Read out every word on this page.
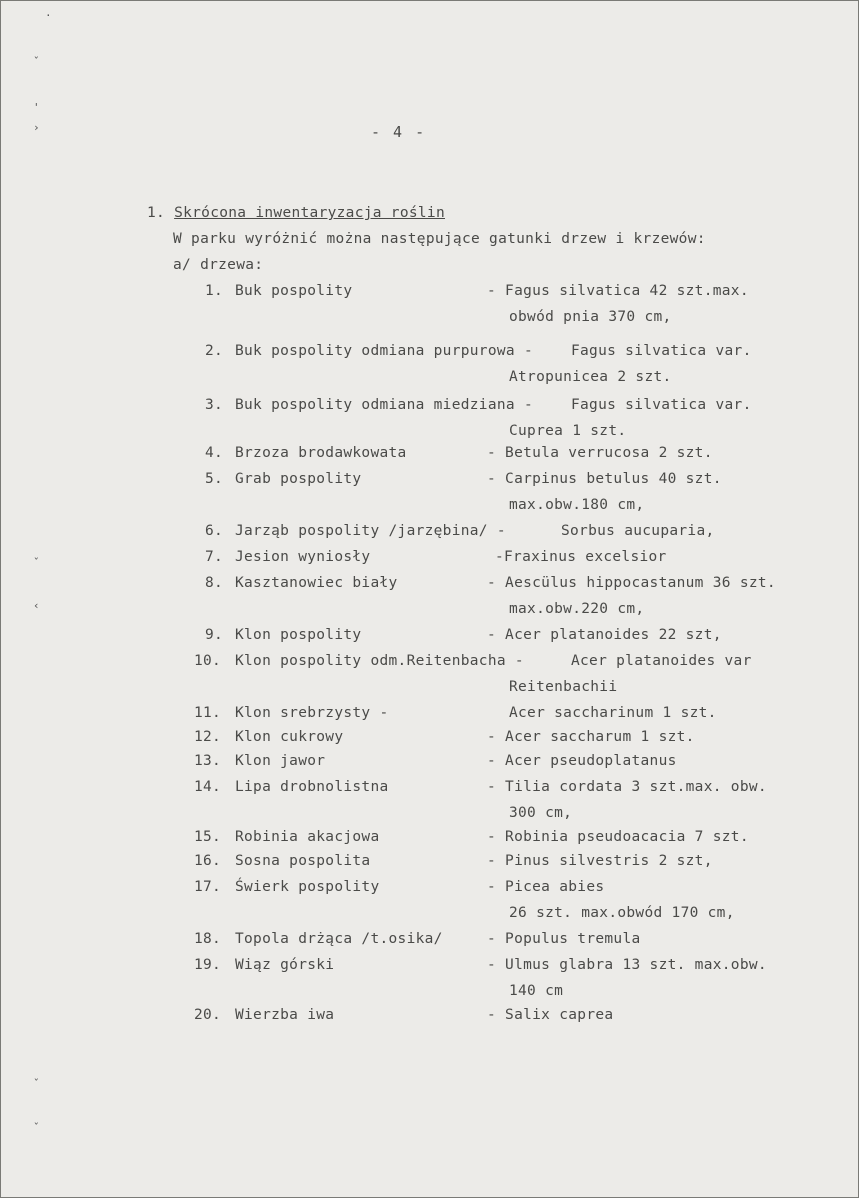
·
ˇ
'
›
ˇ
‹
ˇ
ˇ
- 4 -
1. Skrócona inwentaryzacja roślin
W parku wyróżnić można następujące gatunki drzew i krzewów:
a/ drzewa:
1. Buk pospolity	- Fagus silvatica 42 szt.max.
obwód pnia 370 cm,
2. Buk pospolity odmiana purpurowa -	Fagus silvatica var.
Atropunicea 2 szt.
3. Buk pospolity odmiana miedziana -	Fagus silvatica var.
Cuprea 1 szt.
4. Brzoza brodawkowata	- Betula verrucosa 2 szt.
5. Grab pospolity	- Carpinus betulus 40 szt.
max.obw.180 cm,
6. Jarząb pospolity /jarzębina/ -	Sorbus aucuparia,
7. Jesion wyniosły	-Fraxinus excelsior
8. Kasztanowiec biały	- Aescülus hippocastanum 36 szt.
max.obw.220 cm,
9. Klon pospolity	- Acer platanoides 22 szt,
10. Klon pospolity odm.Reitenbacha -	Acer platanoides var
Reitenbachii
11. Klon srebrzysty -	Acer saccharinum 1 szt.
12. Klon cukrowy	- Acer saccharum 1 szt.
13. Klon jawor	- Acer pseudoplatanus
14. Lipa drobnolistna	- Tilia cordata 3 szt.max. obw.
300 cm,
15. Robinia akacjowa	- Robinia pseudoacacia 7 szt.
16. Sosna pospolita	- Pinus silvestris 2 szt,
17. Świerk pospolity	- Picea abies
26 szt. max.obwód 170 cm,
18. Topola drżąca /t.osika/	- Populus tremula
19. Wiąz górski	- Ulmus glabra 13 szt. max.obw.
140 cm
20. Wierzba iwa	- Salix caprea
